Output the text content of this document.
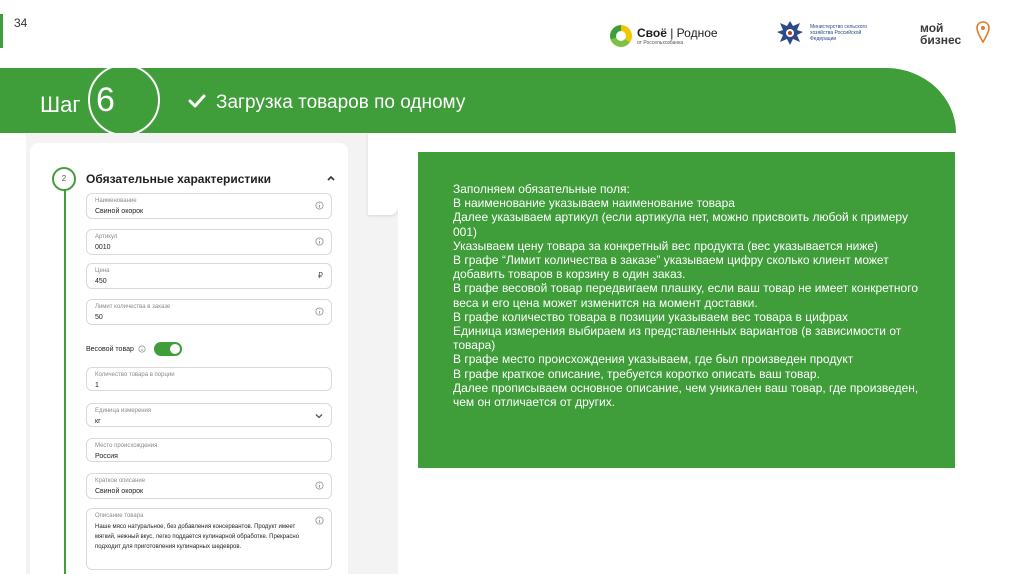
34
Своё | Родное
от Россельхозбанка
Министерство сельского хозяйства Российской Федерации
мой
бизнес
Шаг 6	Загрузка товаров по одному
2	Обязательные характеристики
Наименование
Свиной окорок
Артикул
0010
Цена
450
₽
Лимит количества в заказе
50
Весовой товар
Количество товара в порции
1
Единица измерения
кг
Место происхождения
Россия
Краткое описание
Свиной окорок
Описание товара
Наше мясо натуральное, без добавления консервантов. Продукт имеет мягкий, нежный вкус, легко поддается кулинарной обработке. Прекрасно подходит для приготовления кулинарных шедевров.
Заполняем обязательные поля:
В наименование указываем наименование товара
Далее указываем артикул (если артикула нет, можно присвоить любой к примеру 001)
Указываем цену товара за конкретный вес продукта (вес указывается ниже)
В графе “Лимит количества в заказе” указываем цифру сколько клиент может добавить товаров в корзину в один заказ.
В графе весовой товар передвигаем плашку, если ваш товар не имеет конкретного веса и его цена может изменится на момент доставки.
В графе количество товара в позиции указываем вес товара в цифрах
Единица измерения выбираем из представленных вариантов (в зависимости от товара)
В графе место происхождения указываем, где был произведен продукт
В графе краткое описание, требуется коротко описать ваш товар.
Далее прописываем основное описание, чем уникален ваш товар, где произведен, чем он отличается от других.
